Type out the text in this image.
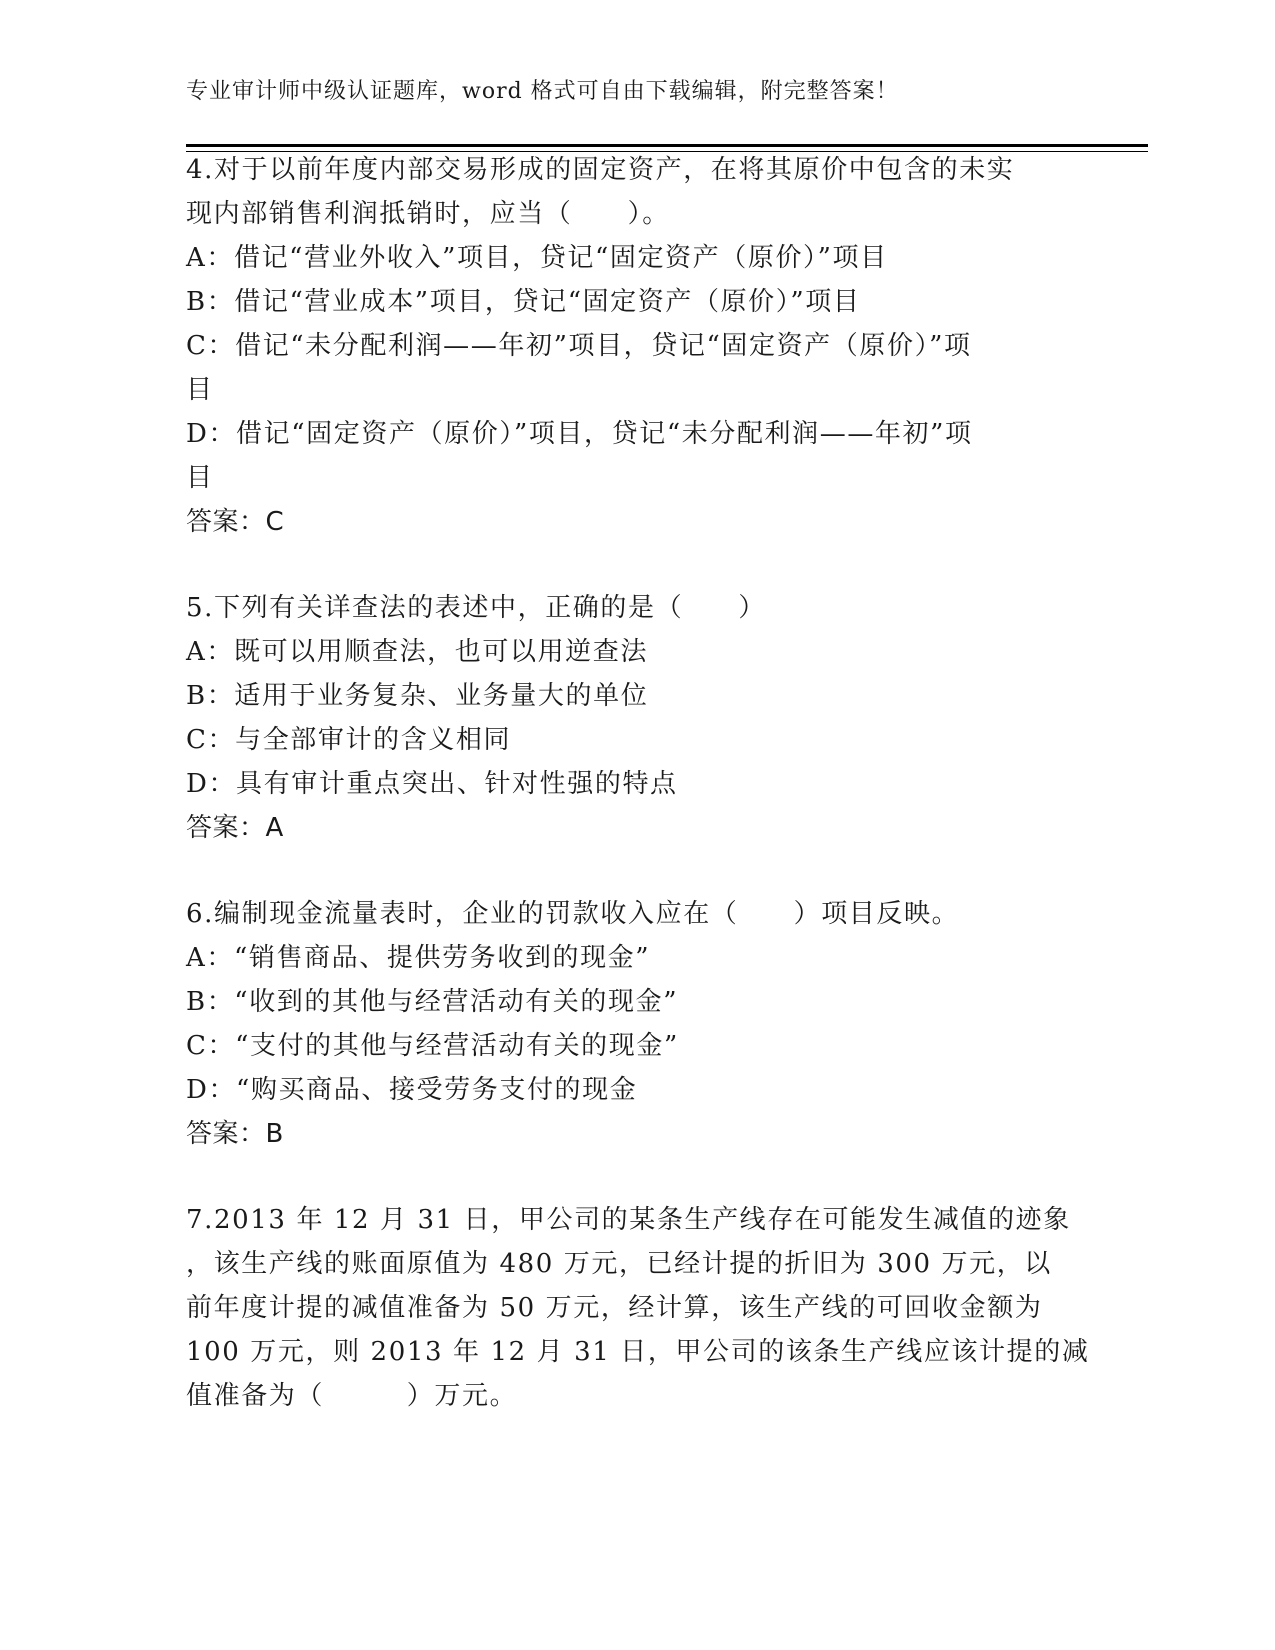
专业审计师中级认证题库，word 格式可自由下载编辑，附完整答案！
4.对于以前年度内部交易形成的固定资产，在将其原价中包含的未实
现内部销售利润抵销时，应当（　　）。
A：借记“营业外收入”项目，贷记“固定资产（原价）”项目
B：借记“营业成本”项目，贷记“固定资产（原价）”项目
C：借记“未分配利润——年初”项目，贷记“固定资产（原价）”项
目
D：借记“固定资产（原价）”项目，贷记“未分配利润——年初”项
目
答案：C
5.下列有关详查法的表述中，正确的是（　　）
A：既可以用顺查法，也可以用逆查法
B：适用于业务复杂、业务量大的单位
C：与全部审计的含义相同
D：具有审计重点突出、针对性强的特点
答案：A
6.编制现金流量表时，企业的罚款收入应在（　　）项目反映。
A：“销售商品、提供劳务收到的现金”
B：“收到的其他与经营活动有关的现金”
C：“支付的其他与经营活动有关的现金”
D：“购买商品、接受劳务支付的现金
答案：B
7.2013 年 12 月 31 日，甲公司的某条生产线存在可能发生减值的迹象
，该生产线的账面原值为 480 万元，已经计提的折旧为 300 万元，以
前年度计提的减值准备为 50 万元，经计算，该生产线的可回收金额为
100 万元，则 2013 年 12 月 31 日，甲公司的该条生产线应该计提的减
值准备为（　　　）万元。
